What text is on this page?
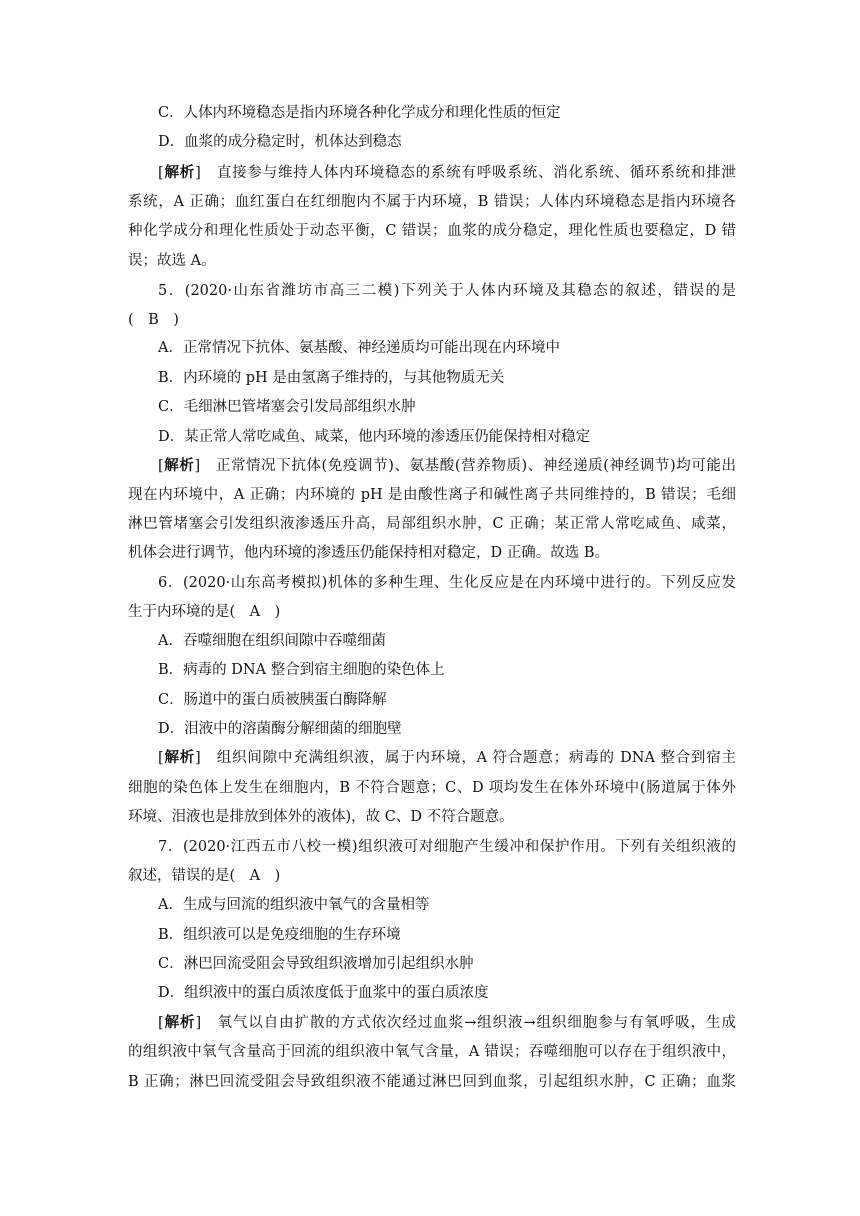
C．人体内环境稳态是指内环境各种化学成分和理化性质的恒定
D．血浆的成分稳定时，机体达到稳态
[解析]　直接参与维持人体内环境稳态的系统有呼吸系统、消化系统、循环系统和排泄
系统，A 正确；血红蛋白在红细胞内不属于内环境，B 错误；人体内环境稳态是指内环境各
种化学成分和理化性质处于动态平衡，C 错误；血浆的成分稳定，理化性质也要稳定，D 错
误；故选 A。
5．(2020·山东省潍坊市高三二模)下列关于人体内环境及其稳态的叙述，错误的是
(　B　)
A．正常情况下抗体、氨基酸、神经递质均可能出现在内环境中
B．内环境的 pH 是由氢离子维持的，与其他物质无关
C．毛细淋巴管堵塞会引发局部组织水肿
D．某正常人常吃咸鱼、咸菜，他内环境的渗透压仍能保持相对稳定
[解析]　正常情况下抗体(免疫调节)、氨基酸(营养物质)、神经递质(神经调节)均可能出
现在内环境中，A 正确；内环境的 pH 是由酸性离子和碱性离子共同维持的，B 错误；毛细
淋巴管堵塞会引发组织液渗透压升高，局部组织水肿，C 正确；某正常人常吃咸鱼、咸菜，
机体会进行调节，他内环境的渗透压仍能保持相对稳定，D 正确。故选 B。
6．(2020·山东高考模拟)机体的多种生理、生化反应是在内环境中进行的。下列反应发
生于内环境的是(　A　)
A．吞噬细胞在组织间隙中吞噬细菌
B．病毒的 DNA 整合到宿主细胞的染色体上
C．肠道中的蛋白质被胰蛋白酶降解
D．泪液中的溶菌酶分解细菌的细胞壁
[解析]　组织间隙中充满组织液，属于内环境，A 符合题意；病毒的 DNA 整合到宿主
细胞的染色体上发生在细胞内，B 不符合题意；C、D 项均发生在体外环境中(肠道属于体外
环境、泪液也是排放到体外的液体)，故 C、D 不符合题意。
7．(2020·江西五市八校一模)组织液可对细胞产生缓冲和保护作用。下列有关组织液的
叙述，错误的是(　A　)
A．生成与回流的组织液中氧气的含量相等
B．组织液可以是免疫细胞的生存环境
C．淋巴回流受阻会导致组织液增加引起组织水肿
D．组织液中的蛋白质浓度低于血浆中的蛋白质浓度
[解析]　氧气以自由扩散的方式依次经过血浆→组织液→组织细胞参与有氧呼吸，生成
的组织液中氧气含量高于回流的组织液中氧气含量，A 错误；吞噬细胞可以存在于组织液中，
B 正确；淋巴回流受阻会导致组织液不能通过淋巴回到血浆，引起组织水肿，C 正确；血浆
